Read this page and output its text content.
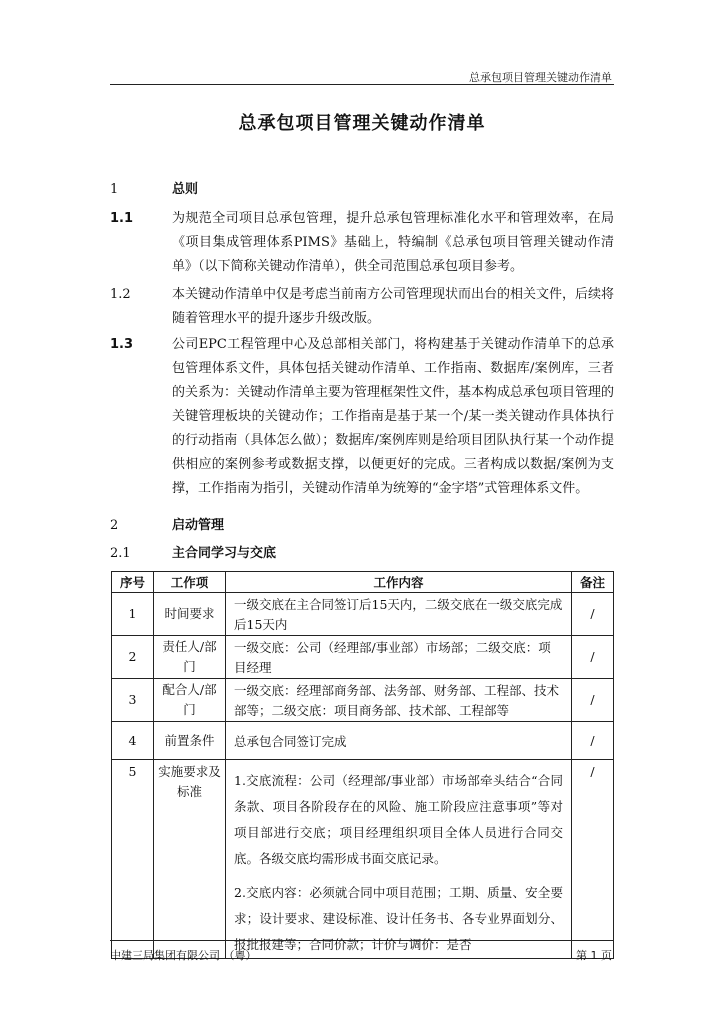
总承包项目管理关键动作清单
总承包项目管理关键动作清单
1	总则
1.1	为规范全司项目总承包管理，提升总承包管理标准化水平和管理效率，在局《项目集成管理体系PIMS》基础上，特编制《总承包项目管理关键动作清单》（以下简称关键动作清单），供全司范围总承包项目参考。
1.2	本关键动作清单中仅是考虑当前南方公司管理现状而出台的相关文件，后续将随着管理水平的提升逐步升级改版。
1.3	公司EPC工程管理中心及总部相关部门，将构建基于关键动作清单下的总承包管理体系文件，具体包括关键动作清单、工作指南、数据库/案例库，三者的关系为：关键动作清单主要为管理框架性文件，基本构成总承包项目管理的关键管理板块的关键动作；工作指南是基于某一个/某一类关键动作具体执行的行动指南（具体怎么做）；数据库/案例库则是给项目团队执行某一个动作提供相应的案例参考或数据支撑，以便更好的完成。三者构成以数据/案例为支撑，工作指南为指引，关键动作清单为统筹的“金字塔”式管理体系文件。
2	启动管理
2.1	主合同学习与交底
序号	工作项	工作内容	备注
1	时间要求	一级交底在主合同签订后15天内，二级交底在一级交底完成后15天内	/
2	责任人/部门	一级交底：公司（经理部/事业部）市场部；二级交底：项目经理	/
3	配合人/部门	一级交底：经理部商务部、法务部、财务部、工程部、技术部等；二级交底：项目商务部、技术部、工程部等	/
4	前置条件	总承包合同签订完成	/
5	实施要求及标准	1.交底流程：公司（经理部/事业部）市场部牵头结合“合同条款、项目各阶段存在的风险、施工阶段应注意事项”等对项目部进行交底；项目经理组织项目全体人员进行合同交底。各级交底均需形成书面交底记录。
2.交底内容：必须就合同中项目范围；工期、质量、安全要求；设计要求、建设标准、设计任务书、各专业界面划分、报批报建等；合同价款；计价与调价：是否	/
中建三局集团有限公司 （粤）	第 1 页
